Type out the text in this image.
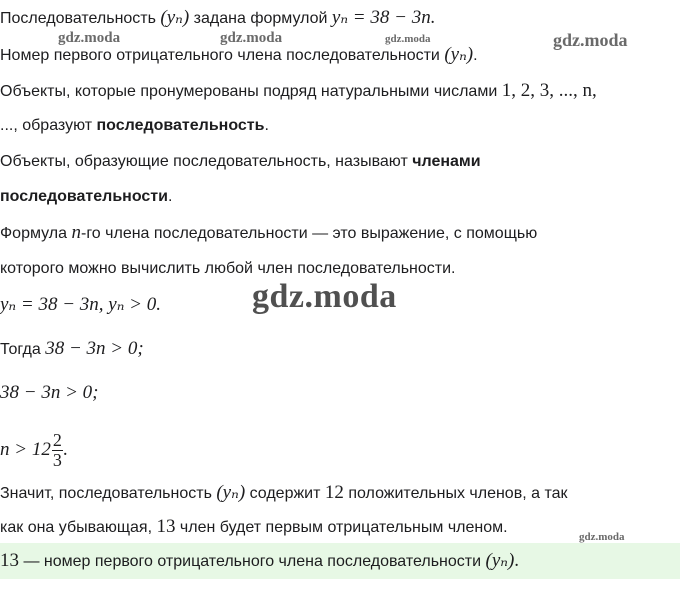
gdz.moda	gdz.moda	gdz.moda	gdz.moda
gdz.moda
gdz.moda
Последовательность (yₙ) задана формулой yₙ = 38 − 3n.
Номер первого отрицательного члена последовательности (yₙ).
Объекты, которые пронумерованы подряд натуральными числами 1, 2, 3, ..., n,
..., образуют последовательность.
Объекты, образующие последовательность, называют членами
последовательности.
Формула n-го члена последовательности — это выражение, с помощью
которого можно вычислить любой член последовательности.
yₙ = 38 − 3n, yₙ > 0.
Тогда 38 − 3n > 0;
38 − 3n > 0;
$n > 12 \frac{2}{3}$ .
Значит, последовательность (yₙ) содержит 12 положительных членов, а так
как она убывающая, 13 член будет первым отрицательным членом.
13 — номер первого отрицательного члена последовательности (yₙ).
